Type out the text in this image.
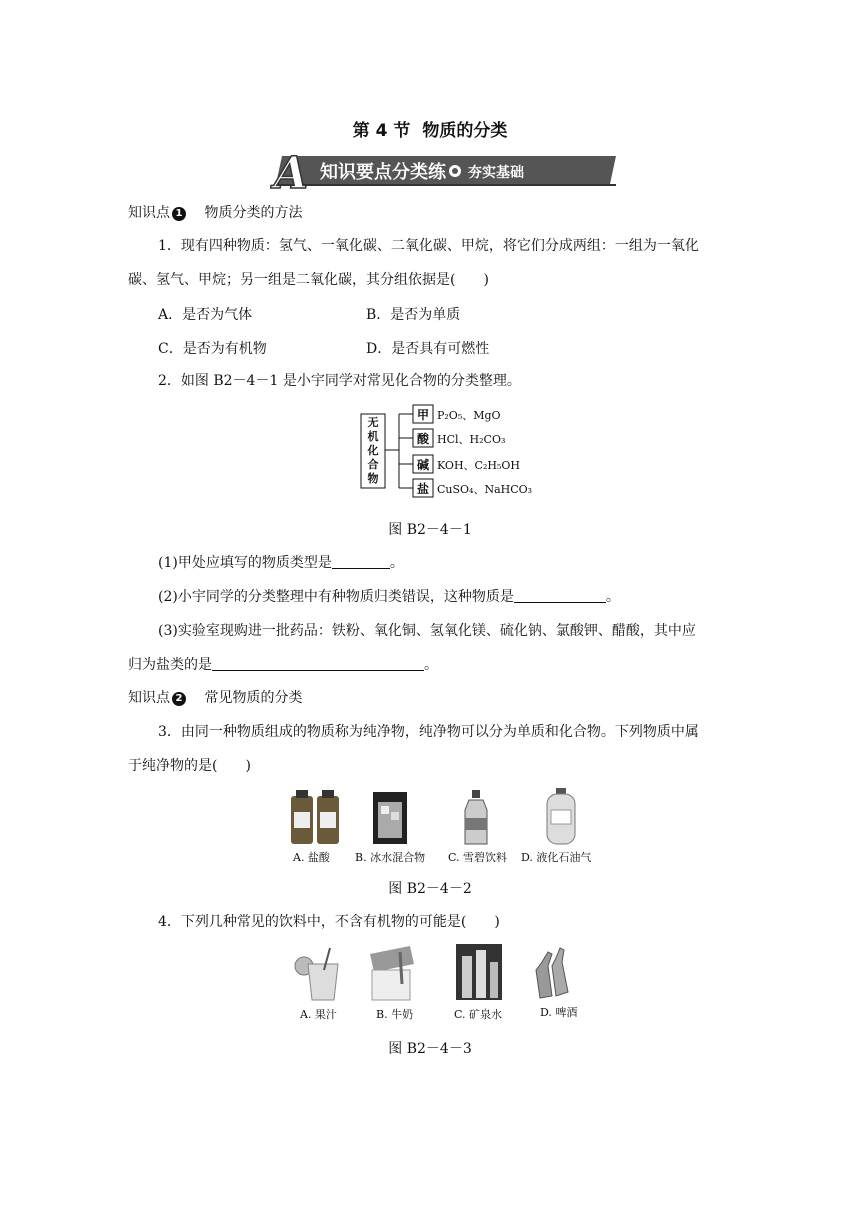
第 4 节 物质的分类
A 知识要点分类练 夯实基础
知识点 1 物质分类的方法
1．现有四种物质：氢气、一氧化碳、二氧化碳、甲烷，将它们分成两组：一组为一氧化
碳、氢气、甲烷；另一组是二氧化碳，其分组依据是(　　)
A．是否为气体	B．是否为单质
C．是否为有机物	D．是否具有可燃性
2．如图 B2－4－1 是小宇同学对常见化合物的分类整理。
无
机
化
合
物
甲 P₂O₅、MgO
酸 HCl、H₂CO₃
碱 KOH、C₂H₅OH
盐 CuSO₄、NaHCO₃
图 B2－4－1
(1)甲处应填写的物质类型是	。
(2)小宇同学的分类整理中有种物质归类错误，这种物质是	。
(3)实验室现购进一批药品：铁粉、氧化铜、氢氧化镁、硫化钠、氯酸钾、醋酸，其中应
归为盐类的是	。
知识点 2 常见物质的分类
3．由同一种物质组成的物质称为纯净物，纯净物可以分为单质和化合物。下列物质中属
于纯净物的是(　　)
A. 盐酸 B. 冰水混合物 C. 雪碧饮料 D. 液化石油气
图 B2－4－2
4．下列几种常见的饮料中，不含有机物的可能是(　　)
A. 果汁	B. 牛奶	C. 矿泉水	D. 啤酒
图 B2－4－3
